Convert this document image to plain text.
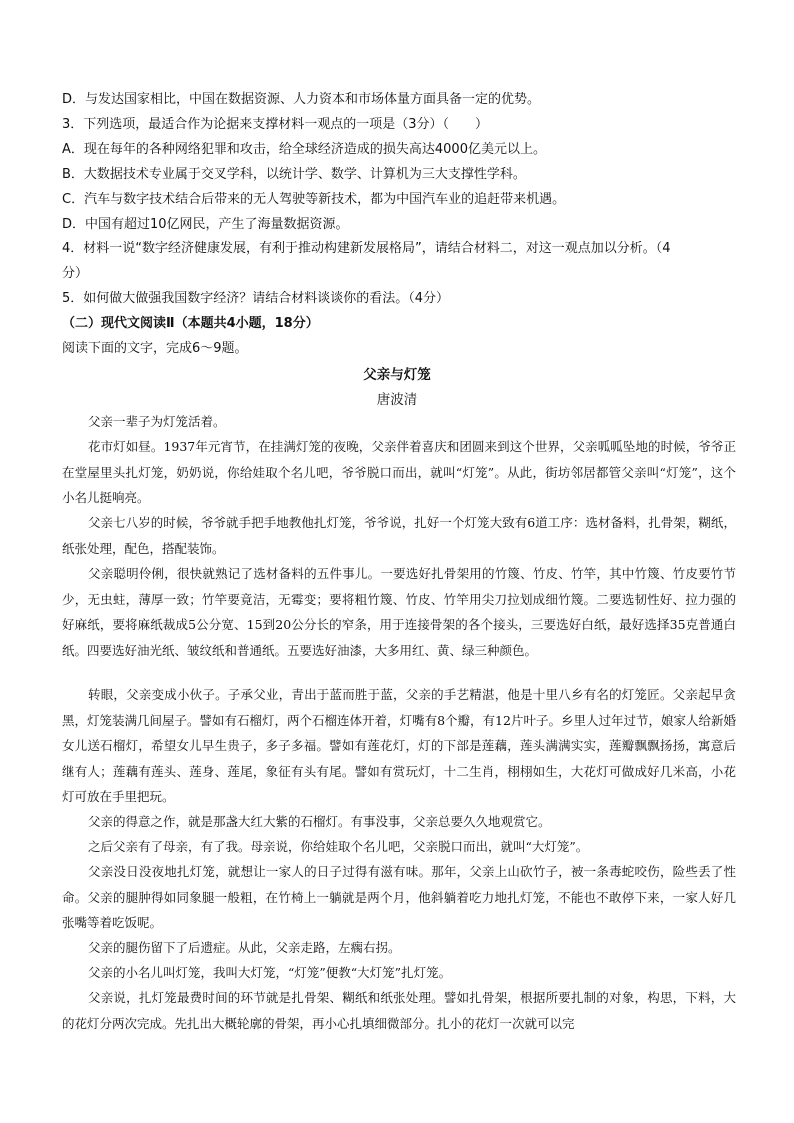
D．与发达国家相比，中国在数据资源、人力资本和市场体量方面具备一定的优势。
3．下列选项，最适合作为论据来支撑材料一观点的一项是（3分）（　　）
A．现在每年的各种网络犯罪和攻击，给全球经济造成的损失高达4000亿美元以上。
B．大数据技术专业属于交叉学科，以统计学、数学、计算机为三大支撑性学科。
C．汽车与数字技术结合后带来的无人驾驶等新技术，都为中国汽车业的追赶带来机遇。
D．中国有超过10亿网民，产生了海量数据资源。
4．材料一说“数字经济健康发展，有利于推动构建新发展格局”，请结合材料二，对这一观点加以分析。（4
分）
5．如何做大做强我国数字经济？请结合材料谈谈你的看法。（4分）
（二）现代文阅读Ⅱ（本题共4小题，18分）
阅读下面的文字，完成6～9题。
父亲与灯笼
唐波清

父亲一辈子为灯笼活着。

花市灯如昼。1937年元宵节，在挂满灯笼的夜晚，父亲伴着喜庆和团圆来到这个世界，父亲呱呱坠地的时候，爷爷正在堂屋里头扎灯笼，奶奶说，你给娃取个名儿吧，爷爷脱口而出，就叫“灯笼”。从此，街坊邻居都管父亲叫“灯笼”，这个小名儿挺响亮。

父亲七八岁的时候，爷爷就手把手地教他扎灯笼，爷爷说，扎好一个灯笼大致有6道工序：选材备料，扎骨架，糊纸，纸张处理，配色，搭配装饰。

父亲聪明伶俐，很快就熟记了选材备料的五件事儿。一要选好扎骨架用的竹篾、竹皮、竹竿，其中竹篾、竹皮要竹节少，无虫蛀，薄厚一致；竹竿要竟洁，无霉变；要将粗竹篾、竹皮、竹竿用尖刀拉划成细竹篾。二要选韧性好、拉力强的好麻纸，要将麻纸裁成5公分宽、15到20公分长的窄条，用于连接骨架的各个接头，三要选好白纸，最好选择35克普通白纸。四要选好油光纸、皱纹纸和普通纸。五要选好油漆，大多用红、黄、绿三种颜色。

转眼，父亲变成小伙子。子承父业，青出于蓝而胜于蓝，父亲的手艺精湛，他是十里八乡有名的灯笼匠。父亲起早贪黑，灯笼装满几间屋子。譬如有石榴灯，两个石榴连体开着，灯嘴有8个瓣，有12片叶子。乡里人过年过节，娘家人给新婚女儿送石榴灯，希望女儿早生贵子，多子多福。譬如有莲花灯，灯的下部是莲藕，莲头满满实实，莲瓣飘飘扬扬，寓意后继有人；莲藕有莲头、莲身、莲尾，象征有头有尾。譬如有赏玩灯，十二生肖，栩栩如生，大花灯可做成好几米高，小花灯可放在手里把玩。

父亲的得意之作，就是那盏大红大紫的石榴灯。有事没事，父亲总要久久地观赏它。

之后父亲有了母亲，有了我。母亲说，你给娃取个名儿吧，父亲脱口而出，就叫“大灯笼”。

父亲没日没夜地扎灯笼，就想让一家人的日子过得有滋有味。那年，父亲上山砍竹子，被一条毒蛇咬伤，险些丢了性命。父亲的腿肿得如同象腿一般粗，在竹椅上一躺就是两个月，他斜躺着吃力地扎灯笼，不能也不敢停下来，一家人好几张嘴等着吃饭呢。

父亲的腿伤留下了后遗症。从此，父亲走路，左瘸右拐。

父亲的小名儿叫灯笼，我叫大灯笼，“灯笼”便教“大灯笼”扎灯笼。

父亲说，扎灯笼最费时间的环节就是扎骨架、糊纸和纸张处理。譬如扎骨架，根据所要扎制的对象，构思，下料，大的花灯分两次完成。先扎出大概轮廓的骨架，再小心扎填细微部分。扎小的花灯一次就可以完
